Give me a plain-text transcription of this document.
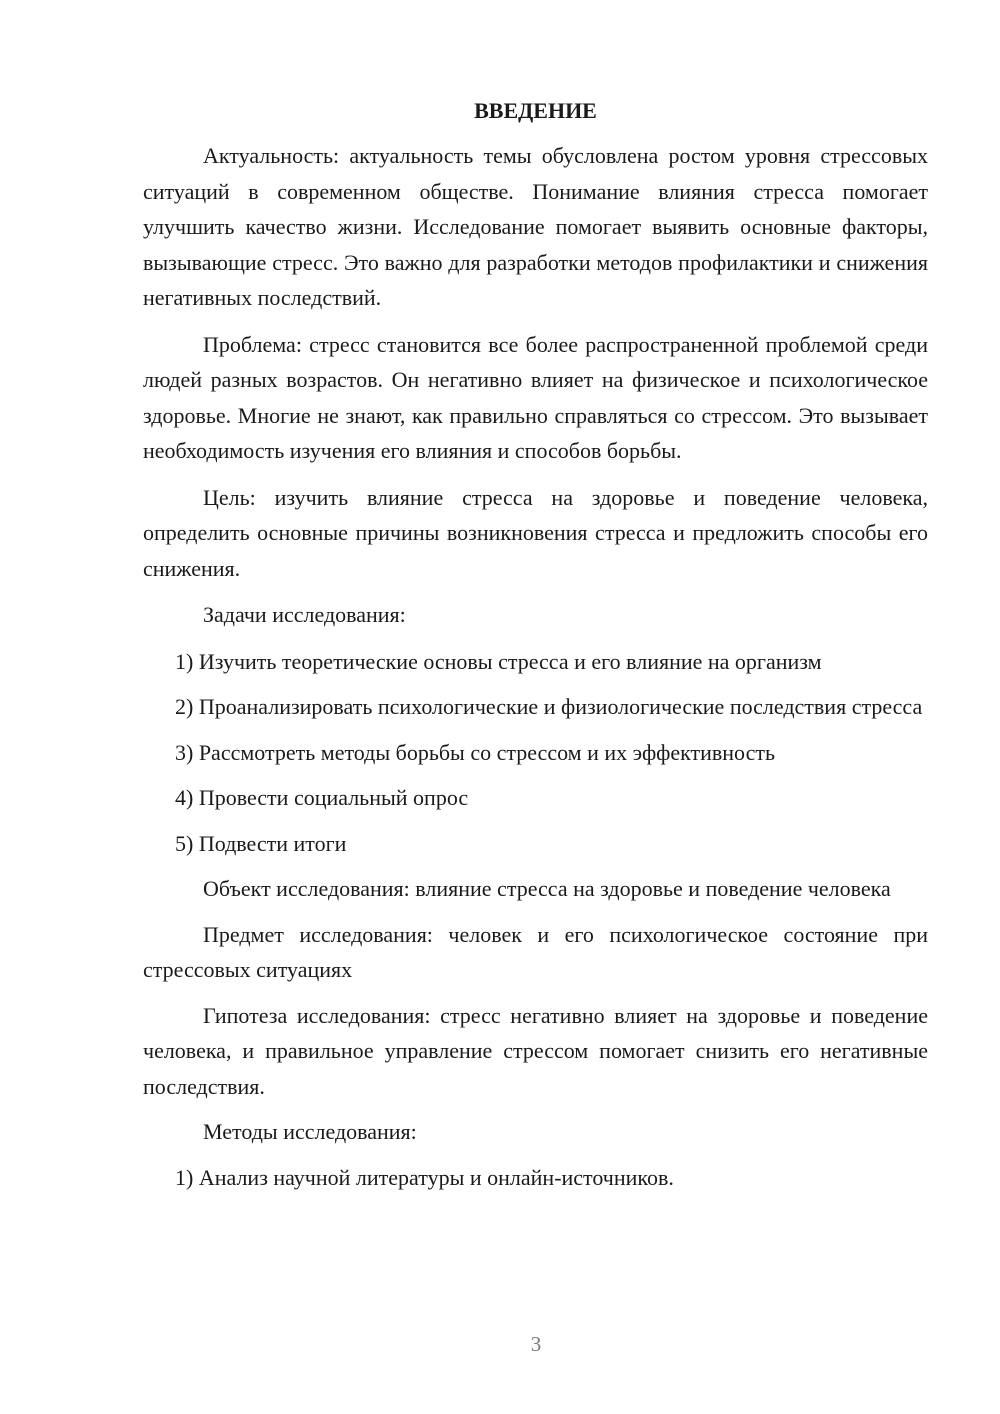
ВВЕДЕНИЕ

Актуальность: актуальность темы обусловлена ростом уровня стрессовых ситуаций в современном обществе. Понимание влияния стресса помогает улучшить качество жизни. Исследование помогает выявить основные факторы, вызывающие стресс. Это важно для разработки методов профилактики и снижения негативных последствий.

Проблема: стресс становится все более распространенной проблемой среди людей разных возрастов. Он негативно влияет на физическое и психологическое здоровье. Многие не знают, как правильно справляться со стрессом. Это вызывает необходимость изучения его влияния и способов борьбы.

Цель: изучить влияние стресса на здоровье и поведение человека, определить основные причины возникновения стресса и предложить способы его снижения.

Задачи исследования:

1) Изучить теоретические основы стресса и его влияние на организм

2) Проанализировать психологические и физиологические последствия стресса

3) Рассмотреть методы борьбы со стрессом и их эффективность

4) Провести социальный опрос

5) Подвести итоги

Объект исследования: влияние стресса на здоровье и поведение человека

Предмет исследования: человек и его психологическое состояние при стрессовых ситуациях

Гипотеза исследования: стресс негативно влияет на здоровье и поведение человека, и правильное управление стрессом помогает снизить его негативные последствия.

Методы исследования:

1) Анализ научной литературы и онлайн-источников.

3
